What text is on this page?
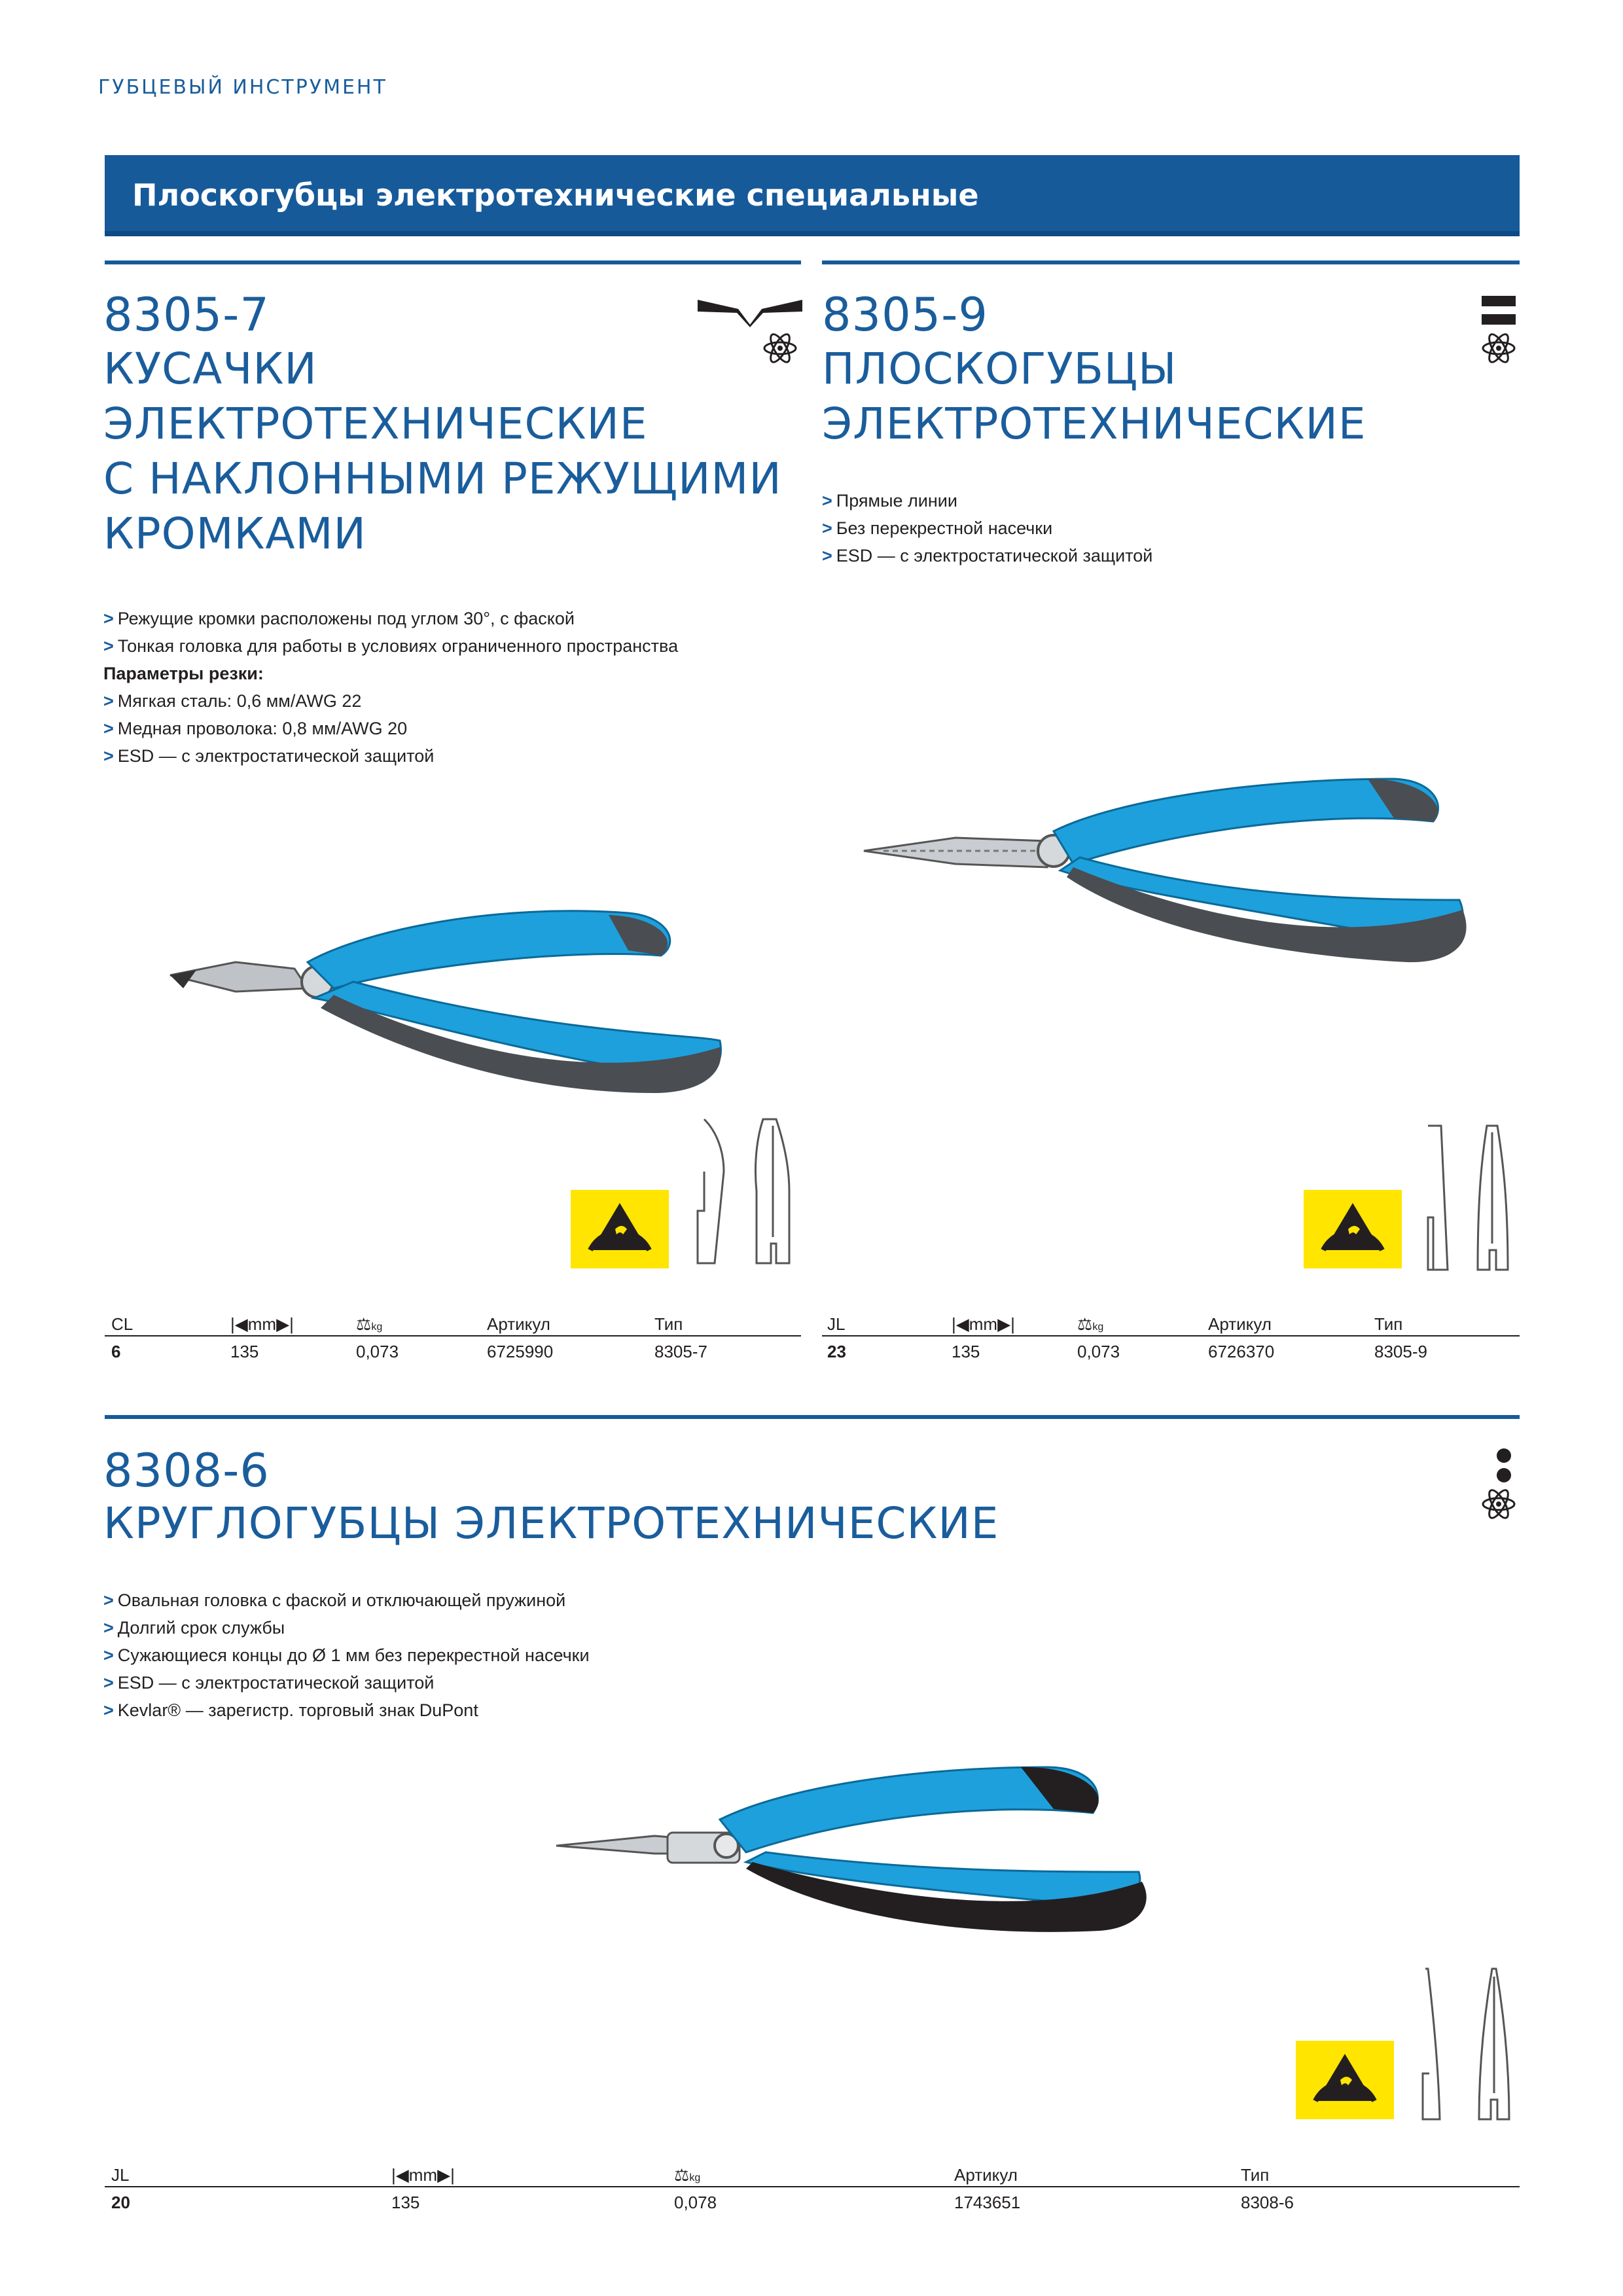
ГУБЦЕВЫЙ ИНСТРУМЕНТ
Плоскогубцы электротехнические специальные
8305-7
КУСАЧКИ
ЭЛЕКТРОТЕХНИЧЕСКИЕ
С НАКЛОННЫМИ РЕЖУЩИМИ
КРОМКАМИ
> Режущие кромки расположены под углом 30°, с фаской
> Тонкая головка для работы в условиях ограниченного пространства
Параметры резки:
> Мягкая сталь: 0,6 мм/AWG 22
> Медная проволока: 0,8 мм/AWG 20
> ESD — с электростатической защитой
CL	|◀mm▶|	⚖kg	Артикул	Тип
6	135	0,073	6725990	8305-7
8305-9
ПЛОСКОГУБЦЫ
ЭЛЕКТРОТЕХНИЧЕСКИЕ
> Прямые линии
> Без перекрестной насечки
> ESD — с электростатической защитой
JL	|◀mm▶|	⚖kg	Артикул	Тип
23	135	0,073	6726370	8305-9
8308-6
КРУГЛОГУБЦЫ ЭЛЕКТРОТЕХНИЧЕСКИЕ
> Овальная головка с фаской и отключающей пружиной
> Долгий срок службы
> Сужающиеся концы до Ø 1 мм без перекрестной насечки
> ESD — с электростатической защитой
> Kevlar® — зарегистр. торговый знак DuPont
JL	|◀mm▶|	⚖kg	Артикул	Тип
20	135	0,078	1743651	8308-6
